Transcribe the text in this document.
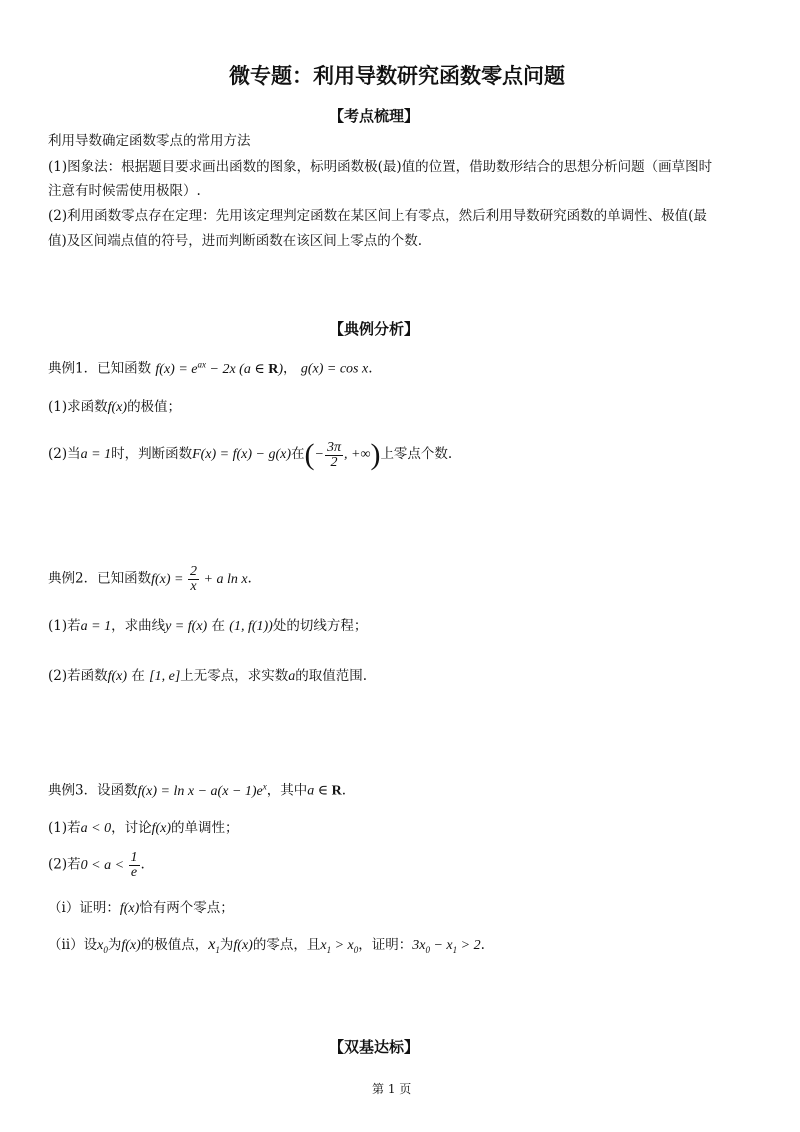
微专题：利用导数研究函数零点问题
【考点梳理】
利用导数确定函数零点的常用方法
(1)图象法：根据题目要求画出函数的图象，标明函数极(最)值的位置，借助数形结合的思想分析问题（画草图时
注意有时候需使用极限）.
(2)利用函数零点存在定理：先用该定理判定函数在某区间上有零点，然后利用导数研究函数的单调性、极值(最
值)及区间端点值的符号，进而判断函数在该区间上零点的个数.
【典例分析】
典例1．已知函数 $f(x) = e^{ax} - 2x$ (a ∈ R)， g(x) = cos x.
(1)求函数f(x)的极值；
(2)当a = 1时，判断函数F(x) = f(x) − g(x)在(− $\frac{3\pi}{2}$ , +∞)上零点个数.
典例2．已知函数$f(x) = \frac{2}{x} + a$ ln x.
(1)若a = 1，求曲线y = f(x) 在 (1, f(1))处的切线方程；
(2)若函数f(x) 在 [1, e]上无零点，求实数a的取值范围.
典例3．设函数$f(x) = \ln x - a(x - 1)e^x$，其中a ∈ R.
(1)若a < 0，讨论f(x)的单调性；
(2)若$0 < a < \frac{1}{e}$ .
（ⅰ）证明：f(x)恰有两个零点；
（ⅱ）设$x_0$为f(x)的极值点，$x_1$为f(x)的零点，且$x_1 > x_0$，证明：$3x_0 - x_1 > 2$.
【双基达标】
第 1 页
